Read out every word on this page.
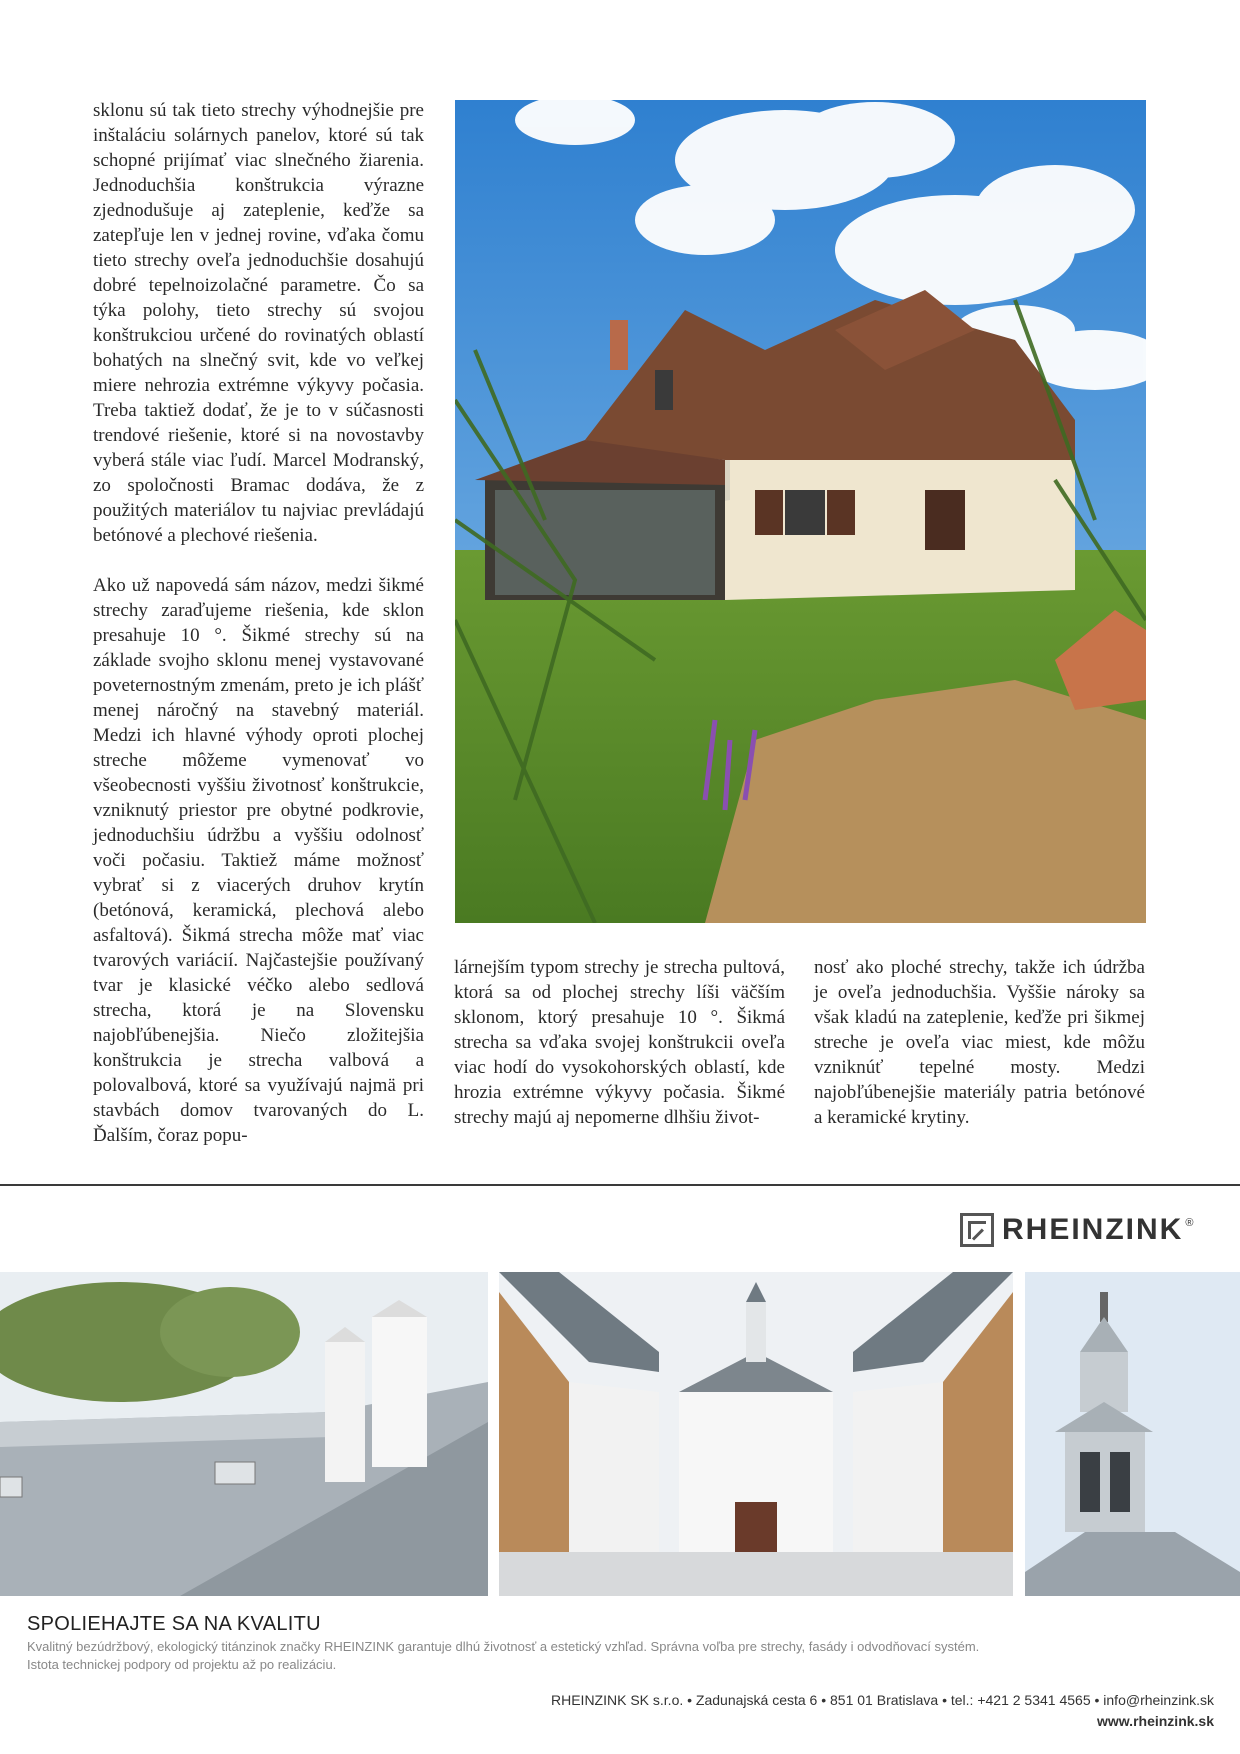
sklonu sú tak tieto strechy výhodnejšie pre inštaláciu solárnych panelov, ktoré sú tak schopné prijímať viac slnečného žiarenia. Jednoduchšia konštrukcia výrazne zjednodušuje aj zateplenie, keďže sa zatepľuje len v jednej rovine, vďaka čomu tieto strechy oveľa jednoduchšie dosahujú dobré tepelnoizolačné parametre. Čo sa týka polohy, tieto strechy sú svojou konštrukciou určené do rovinatých oblastí bohatých na slnečný svit, kde vo veľkej miere nehrozia extrémne výkyvy počasia. Treba taktiež dodať, že je to v súčasnosti trendové riešenie, ktoré si na novostavby vyberá stále viac ľudí. Marcel Modranský, zo spoločnosti Bramac dodáva, že z použitých materiálov tu najviac prevládajú betónové a plechové riešenia.

Ako už napovedá sám názov, medzi šikmé strechy zaraďujeme riešenia, kde sklon presahuje 10 °. Šikmé strechy sú na základe svojho sklonu menej vystavované poveternostným zmenám, preto je ich plášť menej náročný na stavebný materiál. Medzi ich hlavné výhody oproti plochej streche môžeme vymenovať vo všeobecnosti vyššiu životnosť konštrukcie, vzniknutý priestor pre obytné podkrovie, jednoduchšiu údržbu a vyššiu odolnosť voči počasiu. Taktiež máme možnosť vybrať si z viacerých druhov krytín (betónová, keramická, plechová alebo asfaltová). Šikmá strecha môže mať viac tvarových variácií. Najčastejšie používaný tvar je klasické véčko alebo sedlová strecha, ktorá je na Slovensku najobľúbenejšia. Niečo zložitejšia konštrukcia je strecha valbová a polovalbová, ktoré sa využívajú najmä pri stavbách domov tvarovaných do L. Ďalším, čoraz popu-

lárnejším typom strechy je strecha pultová, ktorá sa od plochej strechy líši väčším sklonom, ktorý presahuje 10 °. Šikmá strecha sa vďaka svojej konštrukcii oveľa viac hodí do vysokohorských oblastí, kde hrozia extrémne výkyvy počasia. Šikmé strechy majú aj nepomerne dlhšiu život-

nosť ako ploché strechy, takže ich údržba je oveľa jednoduchšia. Vyššie nároky sa však kladú na zateplenie, keďže pri šikmej streche je oveľa viac miest, kde môžu vzniknúť tepelné mosty. Medzi najobľúbenejšie materiály patria betónové a keramické krytiny.

RHEINZINK ®
SPOLIEHAJTE SA NA KVALITU
Kvalitný bezúdržbový, ekologický titánzinok značky RHEINZINK garantuje dlhú životnosť a estetický vzhľad. Správna voľba pre strechy, fasády i odvodňovací systém.
Istota technickej podpory od projektu až po realizáciu.
RHEINZINK SK s.r.o. • Zadunajská cesta 6 • 851 01 Bratislava • tel.: +421 2 5341 4565 • info@rheinzink.sk
www.rheinzink.sk
